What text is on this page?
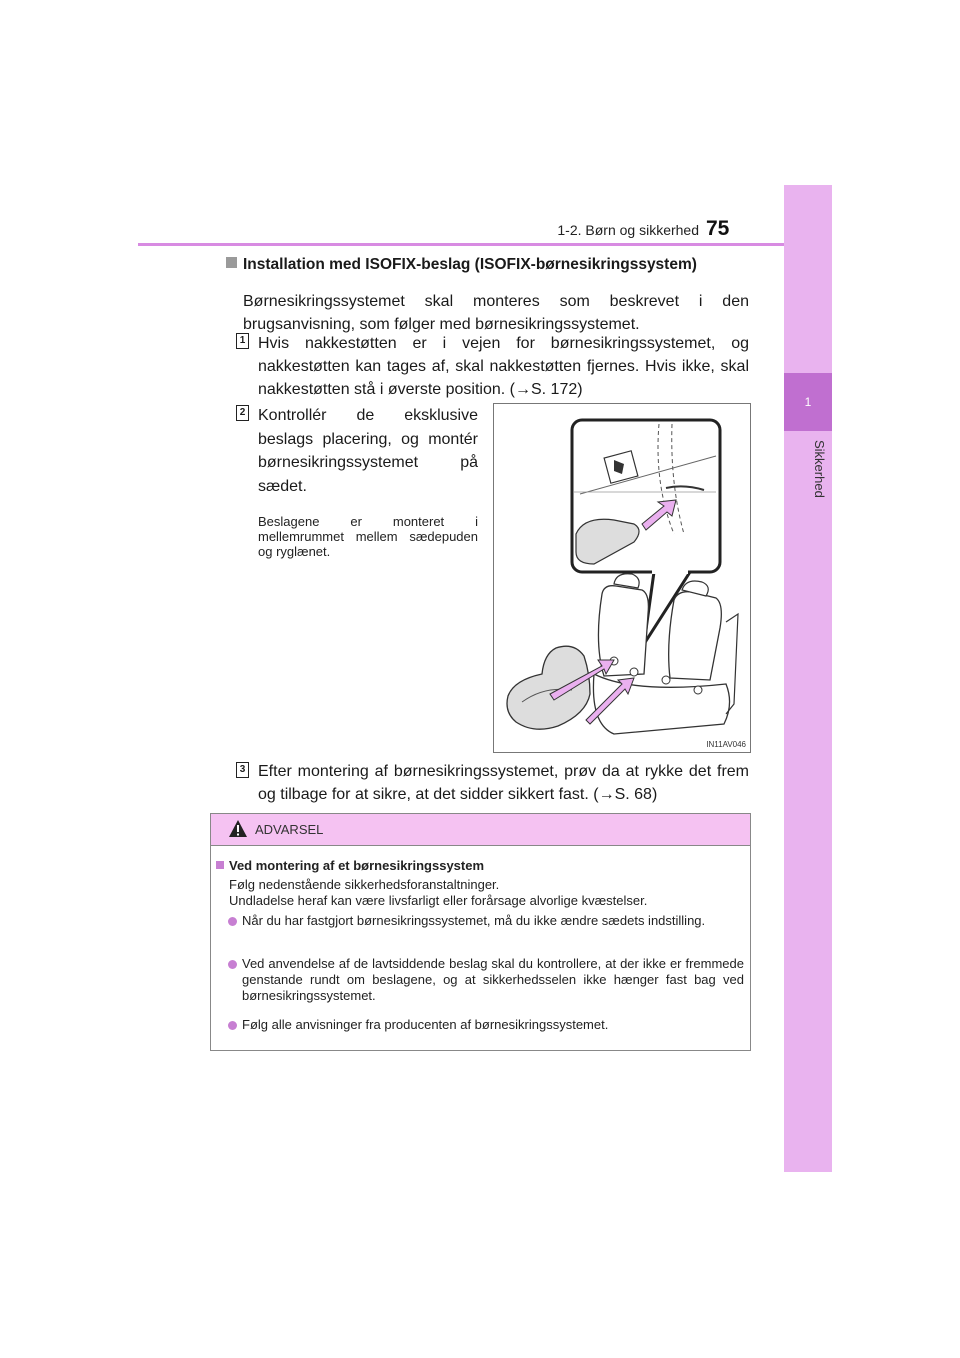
1
Sikkerhed
1-2. Børn og sikkerhed 75
Installation med ISOFIX-beslag (ISOFIX-børnesikringssystem)

Børnesikringssystemet skal monteres som beskrevet i den brugsanvisning, som følger med børnesikringssystemet.

1 Hvis nakkestøtten er i vejen for børnesikringssystemet, og nakkestøtten kan tages af, skal nakkestøtten fjernes. Hvis ikke, skal nakkestøtten stå i øverste position. (→S. 172)

2 Kontrollér de eksklusive beslags placering, og montér børnesikringssystemet på sædet.

Beslagene er monteret i mellemrummet mellem sædepuden og ryglænet.

IN11AV046
3 Efter montering af børnesikringssystemet, prøv da at rykke det frem og tilbage for at sikre, at det sidder sikkert fast. (→S. 68)

ADVARSEL

Ved montering af et børnesikringssystem

Følg nedenstående sikkerhedsforanstaltninger.

Undladelse heraf kan være livsfarligt eller forårsage alvorlige kvæstelser.

Når du har fastgjort børnesikringssystemet, må du ikke ændre sædets indstilling.

Ved anvendelse af de lavtsiddende beslag skal du kontrollere, at der ikke er fremmede genstande rundt om beslagene, og at sikkerhedsselen ikke hænger fast bag ved børnesikringssystemet.

Følg alle anvisninger fra producenten af børnesikringssystemet.
